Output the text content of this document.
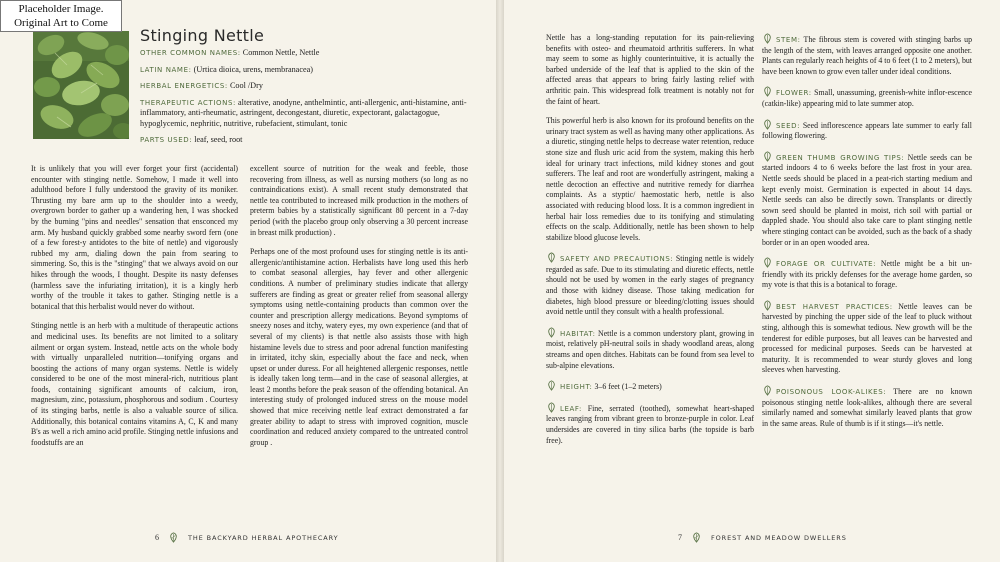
Placeholder Image.
Original Art to Come
Stinging Nettle

OTHER COMMON NAMES: Common Nettle, Nettle

LATIN NAME: (Urtica dioica, urens, membranacea)

HERBAL ENERGETICS: Cool /Dry

THERAPEUTIC ACTIONS: alterative, anodyne, anthelmintic, anti-allergenic, anti-histamine, anti-inflammatory, anti-rheumatic, astringent, decongestant, diuretic, expectorant, galactagogue, hypoglycemic, nephritic, nutritive, rubefacient, stimulant, tonic

PARTS USED: leaf, seed, root

It is unlikely that you will ever forget your first (accidental) encounter with stinging nettle. Somehow, I made it well into adulthood before I fully understood the gravity of its moniker. Thrusting my bare arm up to the shoulder into a weedy, overgrown border to gather up a wandering hen, I was shocked by the burning "pins and needles" sensation that ensconced my arm. My husband quickly grabbed some nearby sword fern (one of a few forest-y antidotes to the bite of nettle) and vigorously rubbed my arm, dialing down the pain from searing to simmering. So, this is the "stinging" that we always avoid on our hikes through the woods, I thought. Despite its nasty defenses (harmless save the infuriating irritation), it is a kingly herb worthy of the trouble it takes to gather. Stinging nettle is a botanical that this herbalist would never do without.

Stinging nettle is an herb with a multitude of therapeutic actions and medicinal uses. Its benefits are not limited to a solitary ailment or organ system. Instead, nettle acts on the whole body with virtually unparalleled nutrition—tonifying organs and boosting the actions of many organ systems. Nettle is widely considered to be one of the most mineral-rich, nutritious plant foods, containing significant amounts of calcium, iron, magnesium, zinc, potassium, phosphorous and sodium . Courtesy of its stinging barbs, nettle is also a valuable source of silica. Additionally, this botanical contains vitamins A, C, K and many B's as well a rich amino acid profile. Stinging nettle infusions and foodstuffs are an

excellent source of nutrition for the weak and feeble, those recovering from illness, as well as nursing mothers (so long as no contraindications exist). A small recent study demonstrated that nettle tea contributed to increased milk production in the mothers of preterm babies by a statistically significant 80 percent in a 7-day period (with the placebo group only observing a 30 percent increase in breast milk production) .

Perhaps one of the most profound uses for stinging nettle is its anti-allergenic/antihistamine action. Herbalists have long used this herb to combat seasonal allergies, hay fever and other allergenic conditions. A number of preliminary studies indicate that allergy sufferers are finding as great or greater relief from seasonal allergy symptoms using nettle-containing products than common over the counter and prescription allergy medications. Beyond symptoms of sneezy noses and itchy, watery eyes, my own experience (and that of several of my clients) is that nettle also assists those with high histamine levels due to stress and poor adrenal function manifesting in irritated, itchy skin, especially about the face and neck, when upset or under duress. For all heightened allergenic responses, nettle is ideally taken long term—and in the case of seasonal allergies, at least 2 months before the peak season of the offending botanical. An interesting study of prolonged induced stress on the mouse model showed that mice receiving nettle leaf extract demonstrated a far greater ability to adapt to stress with improved cognition, muscle coordination and reduced anxiety compared to the untreated control group .

6	THE BACKYARD HERBAL APOTHECARY

Nettle has a long-standing reputation for its pain-relieving benefits with osteo- and rheumatoid arthritis sufferers. In what may seem to some as highly counterintuitive, it is actually the barbed underside of the leaf that is applied to the skin of the affected areas that appears to bring fairly lasting relief with arthritic pain. This widespread folk treatment is notably not for the faint of heart.

This powerful herb is also known for its profound benefits on the urinary tract system as well as having many other applications. As a diuretic, stinging nettle helps to decrease water retention, reduce stone size and flush uric acid from the system, making this herb ideal for urinary tract infections, mild kidney stones and gout sufferers. The leaf and root are wonderfully astringent, making a nettle decoction an effective and nutritive remedy for diarrhea complaints. As a styptic/ haemostatic herb, nettle is also associated with reducing blood loss. It is a common ingredient in herbal hair loss remedies due to its tonifying and stimulating effects on the scalp. Additionally, nettle has been shown to help stabilize blood glucose levels.

SAFETY AND PRECAUTIONS: Stinging nettle is widely regarded as safe. Due to its stimulating and diuretic effects, nettle should not be used by women in the early stages of pregnancy and those with kidney disease. Those taking medication for diabetes, high blood pressure or bleeding/clotting issues should avoid nettle until they consult with a health professional.

HABITAT: Nettle is a common understory plant, growing in moist, relatively pH-neutral soils in shady woodland areas, along streams and open ditches. Habitats can be found from sea level to sub-alpine elevations.

HEIGHT: 3–6 feet (1–2 meters)

LEAF: Fine, serrated (toothed), somewhat heart-shaped leaves ranging from vibrant green to bronze-purple in color. Leaf undersides are covered in tiny silica barbs (the topside is barb free).

STEM: The fibrous stem is covered with stinging barbs up the length of the stem, with leaves arranged opposite one another. Plants can regularly reach heights of 4 to 6 feet (1 to 2 meters), but have been known to grow even taller under ideal conditions.

FLOWER: Small, unassuming, greenish-white inflor-escence (catkin-like) appearing mid to late summer atop.

SEED: Seed inflorescence appears late summer to early fall following flowering.

GREEN THUMB GROWING TIPS: Nettle seeds can be started indoors 4 to 6 weeks before the last frost in your area. Nettle seeds should be placed in a peat-rich starting medium and kept evenly moist. Germination is expected in about 14 days. Nettle seeds can also be directly sown. Transplants or directly sown seed should be planted in moist, rich soil with partial or dappled shade. You should also take care to plant stinging nettle where stinging contact can be avoided, such as the back of a shady border or in an open wooded area.

FORAGE OR CULTIVATE: Nettle might be a bit un-friendly with its prickly defenses for the average home garden, so my vote is that this is a botanical to forage.

BEST HARVEST PRACTICES: Nettle leaves can be harvested by pinching the upper side of the leaf to pluck without sting, although this is somewhat tedious. New growth will be the tenderest for edible purposes, but all leaves can be harvested and processed for medicinal purposes. Seeds can be harvested at maturity. It is recommended to wear sturdy gloves and long sleeves when harvesting.

POISONOUS LOOK-ALIKES: There are no known poisonous stinging nettle look-alikes, although there are several similarly named and somewhat similarly leaved plants that grow in the same areas. Rule of thumb is if it stings—it's nettle.

7	FOREST AND MEADOW DWELLERS
